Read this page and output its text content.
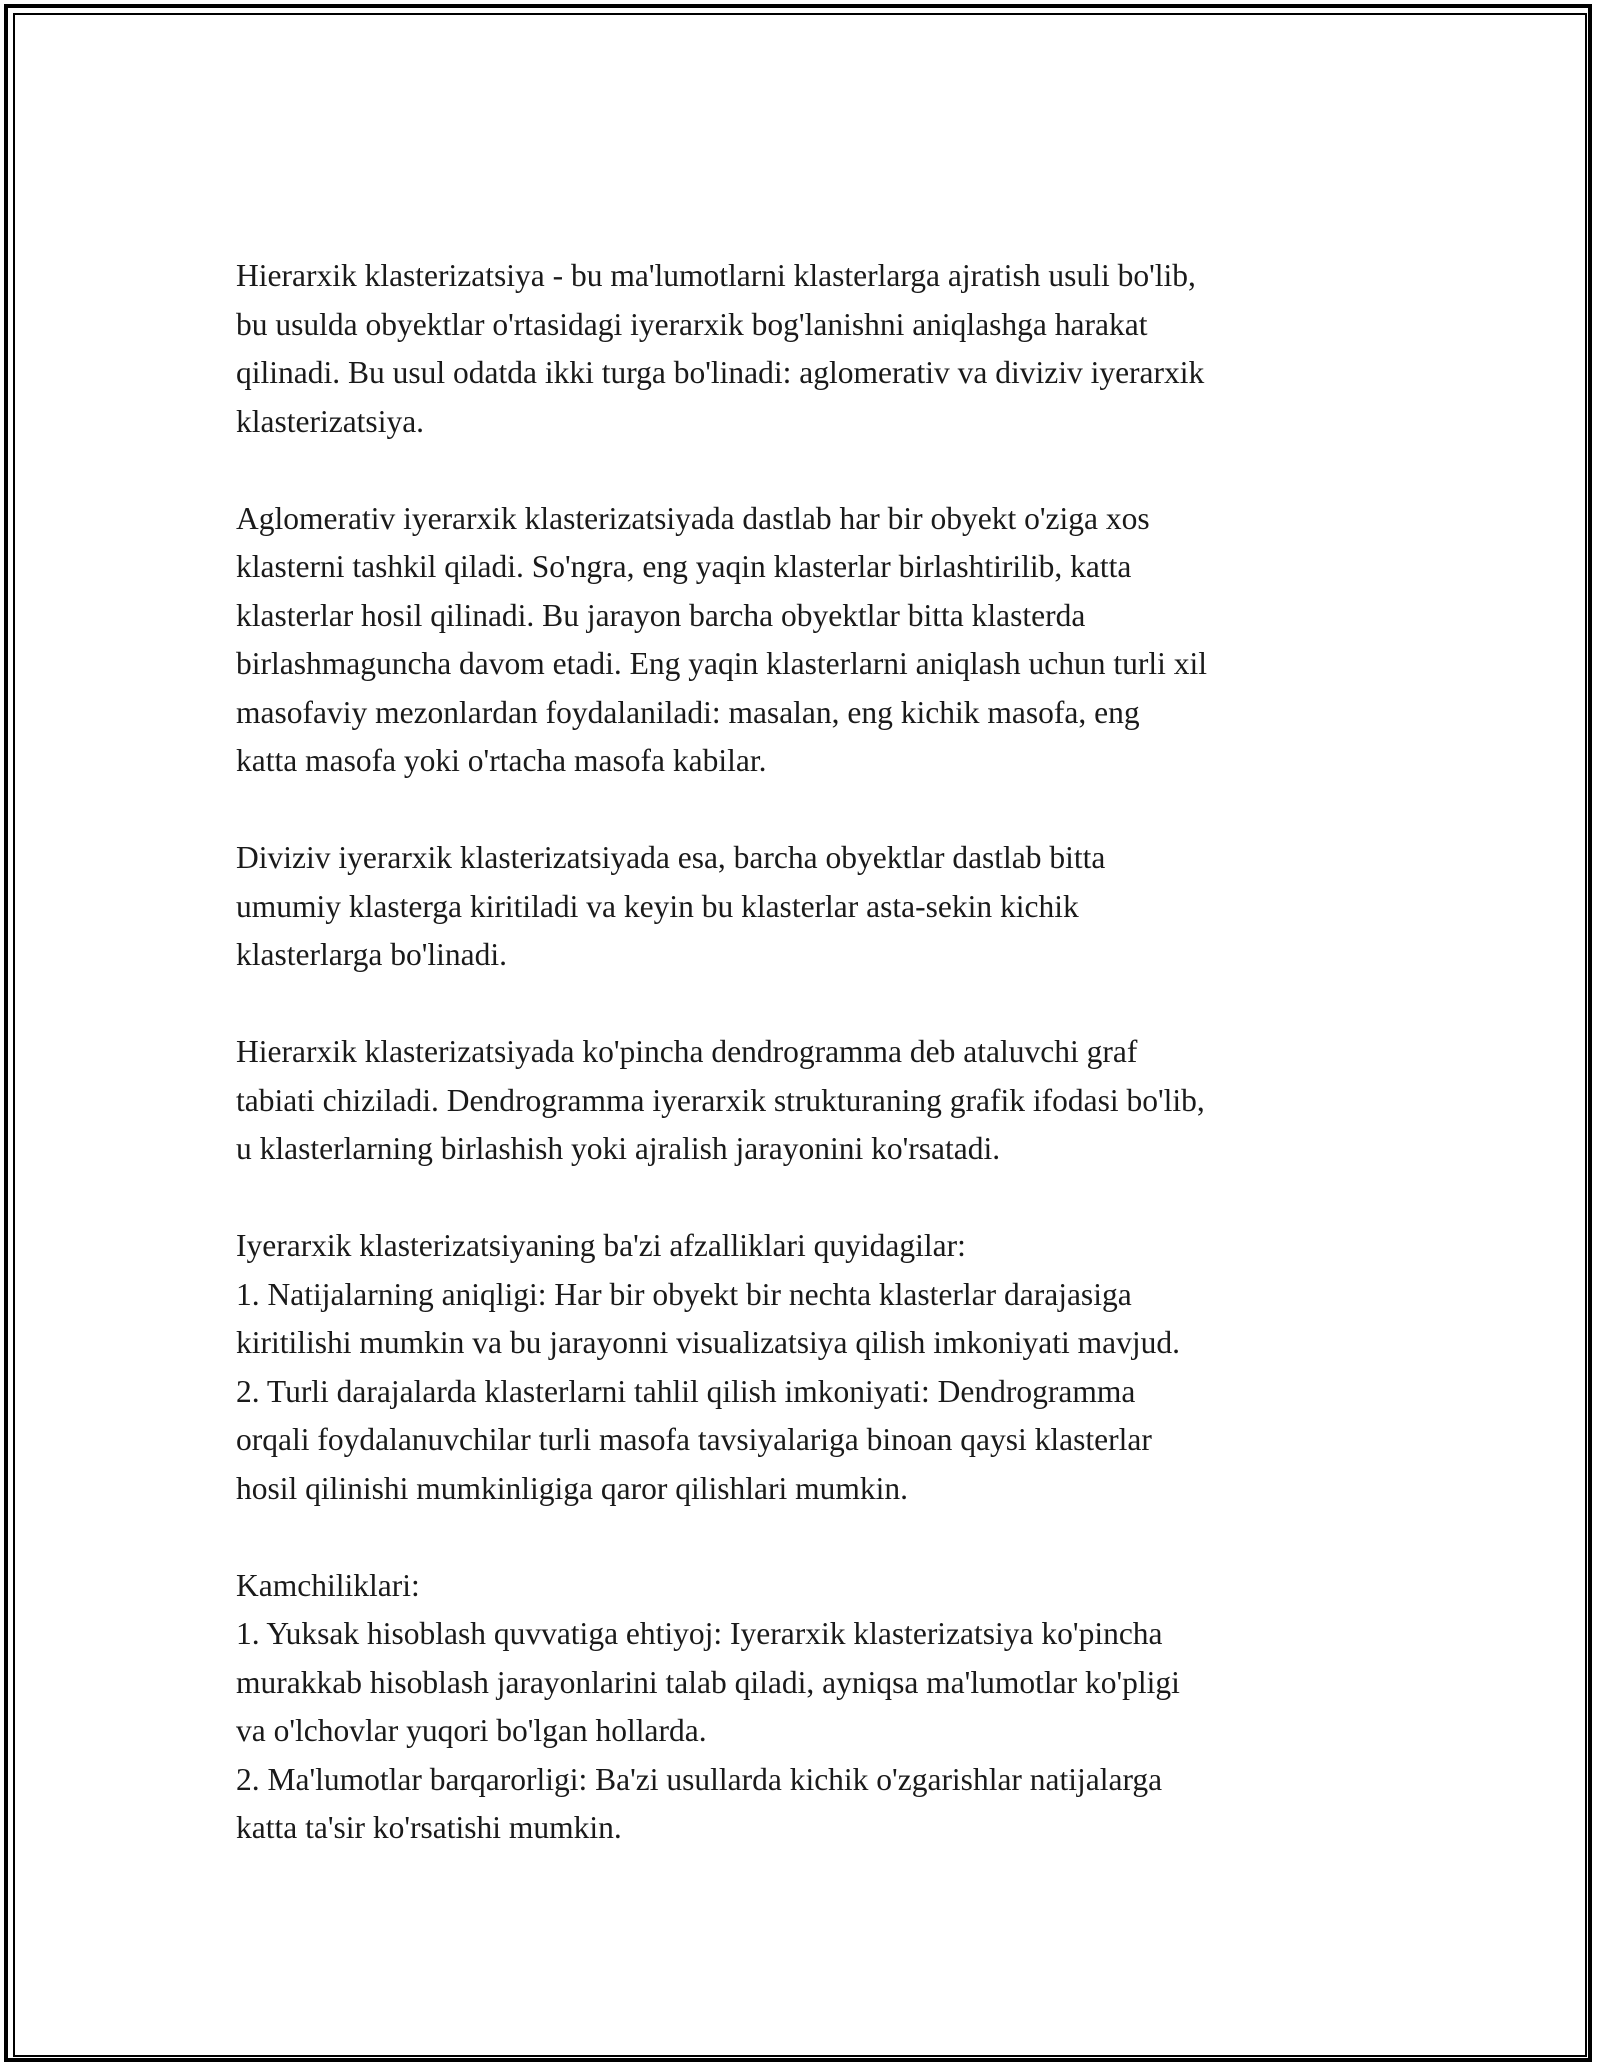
Hierarxik klasterizatsiya - bu ma'lumotlarni klasterlarga ajratish usuli bo'lib,
bu usulda obyektlar o'rtasidagi iyerarxik bog'lanishni aniqlashga harakat
qilinadi. Bu usul odatda ikki turga bo'linadi: aglomerativ va diviziv iyerarxik
klasterizatsiya.

Aglomerativ iyerarxik klasterizatsiyada dastlab har bir obyekt o'ziga xos
klasterni tashkil qiladi. So'ngra, eng yaqin klasterlar birlashtirilib, katta
klasterlar hosil qilinadi. Bu jarayon barcha obyektlar bitta klasterda
birlashmaguncha davom etadi. Eng yaqin klasterlarni aniqlash uchun turli xil
masofaviy mezonlardan foydalaniladi: masalan, eng kichik masofa, eng
katta masofa yoki o'rtacha masofa kabilar.

Diviziv iyerarxik klasterizatsiyada esa, barcha obyektlar dastlab bitta
umumiy klasterga kiritiladi va keyin bu klasterlar asta-sekin kichik
klasterlarga bo'linadi.

Hierarxik klasterizatsiyada ko'pincha dendrogramma deb ataluvchi graf
tabiati chiziladi. Dendrogramma iyerarxik strukturaning grafik ifodasi bo'lib,
u klasterlarning birlashish yoki ajralish jarayonini ko'rsatadi.

Iyerarxik klasterizatsiyaning ba'zi afzalliklari quyidagilar:
1. Natijalarning aniqligi: Har bir obyekt bir nechta klasterlar darajasiga
kiritilishi mumkin va bu jarayonni visualizatsiya qilish imkoniyati mavjud.
2. Turli darajalarda klasterlarni tahlil qilish imkoniyati: Dendrogramma
orqali foydalanuvchilar turli masofa tavsiyalariga binoan qaysi klasterlar
hosil qilinishi mumkinligiga qaror qilishlari mumkin.

Kamchiliklari:
1. Yuksak hisoblash quvvatiga ehtiyoj: Iyerarxik klasterizatsiya ko'pincha
murakkab hisoblash jarayonlarini talab qiladi, ayniqsa ma'lumotlar ko'pligi
va o'lchovlar yuqori bo'lgan hollarda.
2. Ma'lumotlar barqarorligi: Ba'zi usullarda kichik o'zgarishlar natijalarga
katta ta'sir ko'rsatishi mumkin.
